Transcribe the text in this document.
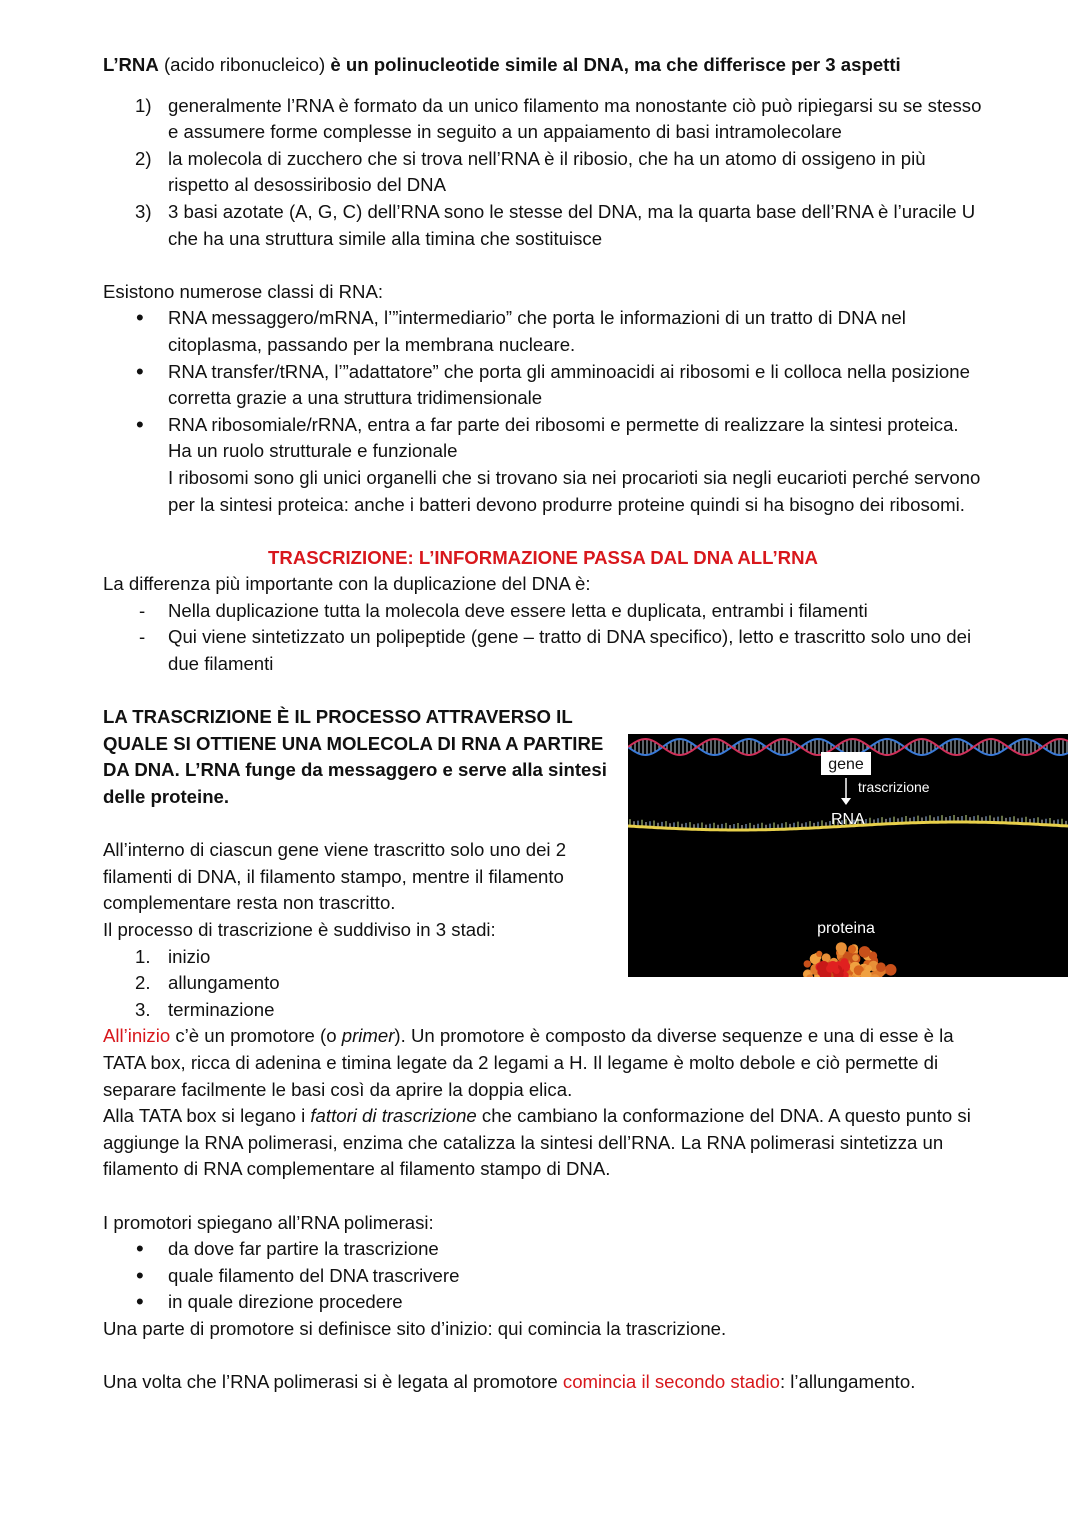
L’RNA (acido ribonucleico) è un polinucleotide simile al DNA, ma che differisce per 3 aspetti

1) generalmente l’RNA è formato da un unico filamento ma nonostante ciò può ripiegarsi su se stesso e assumere forme complesse in seguito a un appaiamento di basi intramolecolare
2) la molecola di zucchero che si trova nell’RNA è il ribosio, che ha un atomo di ossigeno in più rispetto al desossiribosio del DNA
3) 3 basi azotate (A, G, C) dell’RNA sono le stesse del DNA, ma la quarta base dell’RNA è l’uracile U che ha una struttura simile alla timina che sostituisce

Esistono numerose classi di RNA:

• RNA messaggero/mRNA, l’”intermediario” che porta le informazioni di un tratto di DNA nel citoplasma, passando per la membrana nucleare.
• RNA transfer/tRNA, l’”adattatore” che porta gli amminoacidi ai ribosomi e li colloca nella posizione corretta grazie a una struttura tridimensionale
• RNA ribosomiale/rRNA, entra a far parte dei ribosomi e permette di realizzare la sintesi proteica. Ha un ruolo strutturale e funzionale
I ribosomi sono gli unici organelli che si trovano sia nei procarioti sia negli eucarioti perché servono per la sintesi proteica: anche i batteri devono produrre proteine quindi si ha bisogno dei ribosomi.

TRASCRIZIONE: L’INFORMAZIONE PASSA DAL DNA ALL’RNA

La differenza più importante con la duplicazione del DNA è:

- Nella duplicazione tutta la molecola deve essere letta e duplicata, entrambi i filamenti
- Qui viene sintetizzato un polipeptide (gene – tratto di DNA specifico), letto e trascritto solo uno dei due filamenti

LA TRASCRIZIONE È IL PROCESSO ATTRAVERSO IL QUALE SI OTTIENE UNA MOLECOLA DI RNA A PARTIRE DA DNA. L’RNA funge da messaggero e serve alla sintesi delle proteine.

All’interno di ciascun gene viene trascritto solo uno dei 2 filamenti di DNA, il filamento stampo, mentre il filamento complementare resta non trascritto.

Il processo di trascrizione è suddiviso in 3 stadi:

1. inizio
2. allungamento
3. terminazione

All’inizio c’è un promotore (o primer). Un promotore è composto da diverse sequenze e una di esse è la TATA box, ricca di adenina e timina legate da 2 legami a H. Il legame è molto debole e ciò permette di separare facilmente le basi così da aprire la doppia elica.
Alla TATA box si legano i fattori di trascrizione che cambiano la conformazione del DNA. A questo punto si aggiunge la RNA polimerasi, enzima che catalizza la sintesi dell’RNA. La RNA polimerasi sintetizza un filamento di RNA complementare al filamento stampo di DNA.

I promotori spiegano all’RNA polimerasi:

• da dove far partire la trascrizione
• quale filamento del DNA trascrivere
• in quale direzione procedere

Una parte di promotore si definisce sito d’inizio: qui comincia la trascrizione.

Una volta che l’RNA polimerasi si è legata al promotore comincia il secondo stadio: l’allungamento.

gene
trascrizione
RNA
proteina
